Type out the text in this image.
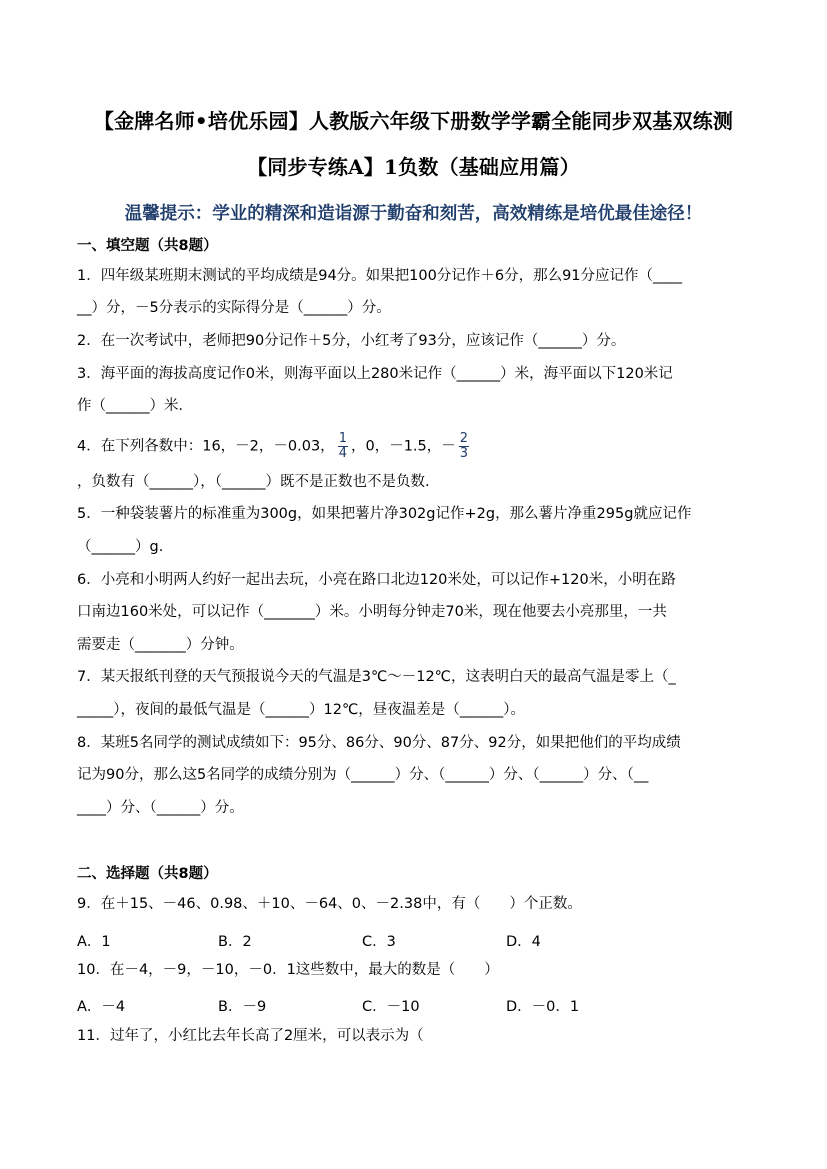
【金牌名师•培优乐园】人教版六年级下册数学学霸全能同步双基双练测
【同步专练A】1负数（基础应用篇）
温馨提示：学业的精深和造诣源于勤奋和刻苦，高效精练是培优最佳途径！
一、填空题（共8题）
1．四年级某班期末测试的平均成绩是94分。如果把100分记作＋6分，那么91分应记作（____
__）分，－5分表示的实际得分是（______）分。
2．在一次考试中，老师把90分记作＋5分，小红考了93分，应该记作（______）分。
3．海平面的海拔高度记作0米，则海平面以上280米记作（______）米，海平面以下120米记
作（______）米．
4．在下列各数中：16，－2，－0.03， $\frac{1}{4}$ ，0，－1.5，－ $\frac{2}{3}$
，负数有（______），（______）既不是正数也不是负数.
5．一种袋装薯片的标准重为300g，如果把薯片净302g记作+2g，那么薯片净重295g就应记作
（______）g．
6．小亮和小明两人约好一起出去玩，小亮在路口北边120米处，可以记作+120米，小明在路
口南边160米处，可以记作（_______）米。小明每分钟走70米，现在他要去小亮那里，一共
需要走（_______）分钟。
7．某天报纸刊登的天气预报说今天的气温是3℃～－12℃，这表明白天的最高气温是零上（_
_____），夜间的最低气温是（______）12℃，昼夜温差是（______）。
8．某班5名同学的测试成绩如下：95分、86分、90分、87分、92分，如果把他们的平均成绩
记为90分，那么这5名同学的成绩分别为（______）分、（______）分、（______）分、（__
____）分、（______）分。
二、选择题（共8题）
9．在＋15、－46、0.98、＋10、－64、0、－2.38中，有（　　）个正数。
A．1	B．2	C．3	D．4
10．在－4，－9，－10，－0．1这些数中，最大的数是（　　）
A．－4	B．－9	C．－10	D．－0．1
11．过年了，小红比去年长高了2厘米，可以表示为（
